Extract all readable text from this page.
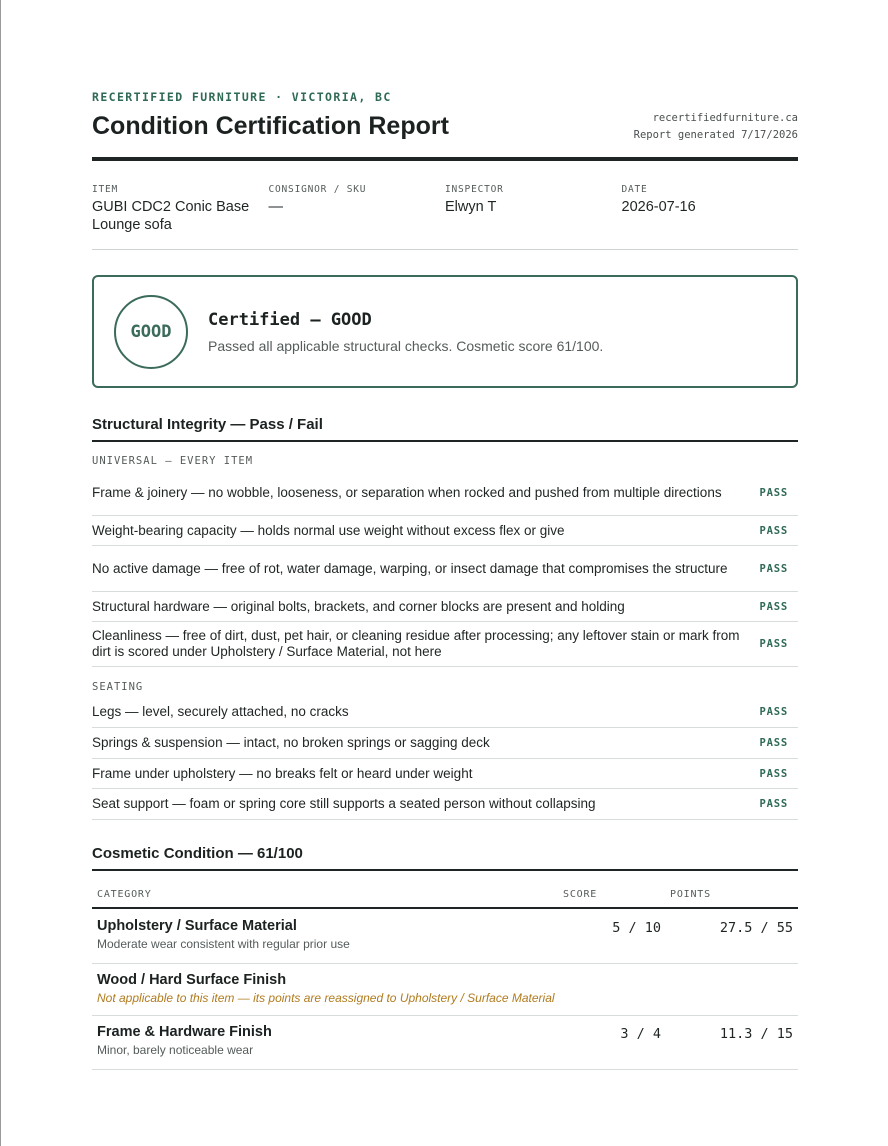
RECERTIFIED FURNITURE · VICTORIA, BC
Condition Certification Report	recertifiedfurniture.ca
Report generated 7/17/2026
ITEM
GUBI CDC2 Conic Base Lounge sofa
CONSIGNOR / SKU
—
INSPECTOR
Elwyn T
DATE
2026-07-16
GOOD
Certified — GOOD
Passed all applicable structural checks. Cosmetic score 61/100.
Structural Integrity — Pass / Fail
UNIVERSAL — EVERY ITEM
Frame & joinery — no wobble, looseness, or separation when rocked and pushed from multiple directions	PASS
Weight-bearing capacity — holds normal use weight without excess flex or give	PASS
No active damage — free of rot, water damage, warping, or insect damage that compromises the structure	PASS
Structural hardware — original bolts, brackets, and corner blocks are present and holding	PASS
Cleanliness — free of dirt, dust, pet hair, or cleaning residue after processing; any leftover stain or mark from dirt is scored under Upholstery / Surface Material, not here	PASS
SEATING
Legs — level, securely attached, no cracks	PASS
Springs & suspension — intact, no broken springs or sagging deck	PASS
Frame under upholstery — no breaks felt or heard under weight	PASS
Seat support — foam or spring core still supports a seated person without collapsing	PASS
Cosmetic Condition — 61/100
CATEGORY	SCORE	POINTS
Upholstery / Surface Material
Moderate wear consistent with regular prior use
5 / 10	27.5 / 55
Wood / Hard Surface Finish
Not applicable to this item — its points are reassigned to Upholstery / Surface Material
Frame & Hardware Finish
Minor, barely noticeable wear
3 / 4	11.3 / 15
